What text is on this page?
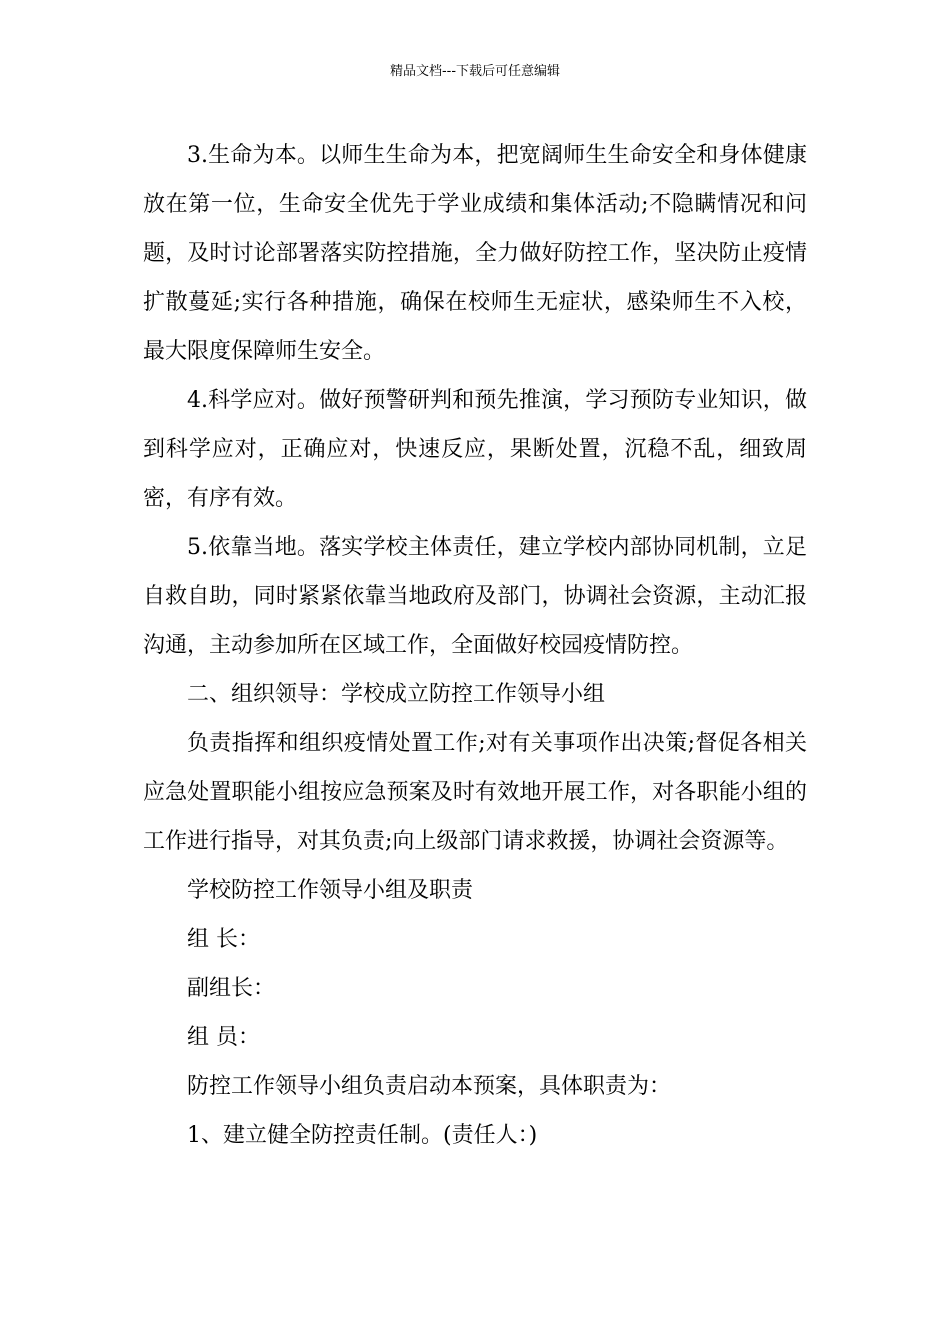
精品文档---下载后可任意编辑

3.生命为本。以师生生命为本，把宽阔师生生命安全和身体健康放在第一位，生命安全优先于学业成绩和集体活动;不隐瞒情况和问题，及时讨论部署落实防控措施，全力做好防控工作，坚决防止疫情扩散蔓延;实行各种措施，确保在校师生无症状，感染师生不入校，最大限度保障师生安全。

4.科学应对。做好预警研判和预先推演，学习预防专业知识，做到科学应对，正确应对，快速反应，果断处置，沉稳不乱，细致周密，有序有效。

5.依靠当地。落实学校主体责任，建立学校内部协同机制，立足自救自助，同时紧紧依靠当地政府及部门，协调社会资源，主动汇报沟通，主动参加所在区域工作，全面做好校园疫情防控。

二、组织领导：学校成立防控工作领导小组

负责指挥和组织疫情处置工作;对有关事项作出决策;督促各相关应急处置职能小组按应急预案及时有效地开展工作，对各职能小组的工作进行指导，对其负责;向上级部门请求救援，协调社会资源等。

学校防控工作领导小组及职责

组 长：

副组长：

组 员：

防控工作领导小组负责启动本预案，具体职责为：

1、建立健全防控责任制。(责任人：)
